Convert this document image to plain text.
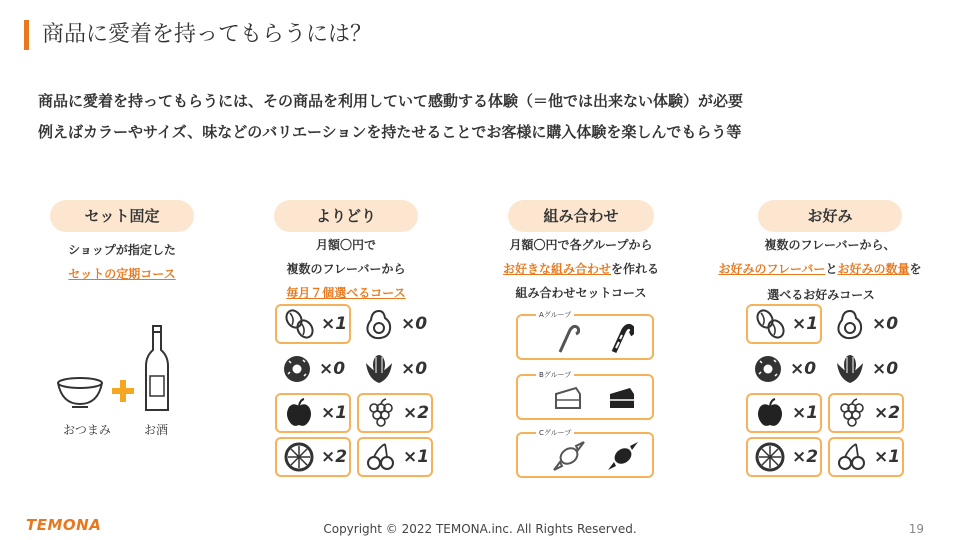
商品に愛着を持ってもらうには？
商品に愛着を持ってもらうには、その商品を利用していて感動する体験（＝他では出来ない体験）が必要
例えばカラーやサイズ、味などのバリエーションを持たせることでお客様に購入体験を楽しんでもらう等
セット固定
ショップが指定した
セットの定期コース
おつまみ	お酒
よりどり
月額〇円で
複数のフレーバーから
毎月７個選べるコース
×1	×0
×0	×0
×1	×2
×2	×1
組み合わせ
月額〇円で各グループから
お好きな組み合わせを作れる
組み合わせセットコース
Aグループ
Bグループ
Cグループ
お好み
複数のフレーバーから、
お好みのフレーバーとお好みの数量を
選べるお好みコース
×1	×0
×0	×0
×1	×2
×2	×1
TEMONA	Copyright © 2022 TEMONA.inc. All Rights Reserved.	19
